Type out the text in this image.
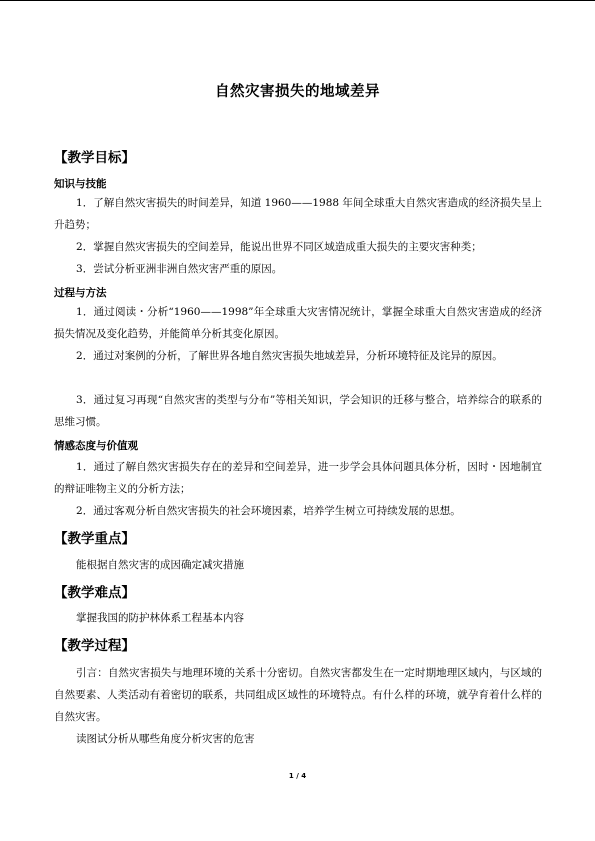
自然灾害损失的地域差异
【教学目标】
知识与技能
1．了解自然灾害损失的时间差异，知道 1960——1988 年间全球重大自然灾害造成的经济损失呈上升趋势；
2．掌握自然灾害损失的空间差异，能说出世界不同区域造成重大损失的主要灾害种类；
3．尝试分析亚洲非洲自然灾害严重的原因。
过程与方法
1．通过阅读・分析“1960——1998”年全球重大灾害情况统计，掌握全球重大自然灾害造成的经济损失情况及变化趋势，并能简单分析其变化原因。
2．通过对案例的分析，了解世界各地自然灾害损失地域差异，分析环境特征及诧异的原因。
3．通过复习再现“自然灾害的类型与分布”等相关知识，学会知识的迁移与整合，培养综合的联系的思维习惯。
情感态度与价值观
1．通过了解自然灾害损失存在的差异和空间差异，进一步学会具体问题具体分析，因时・因地制宜的辩证唯物主义的分析方法；
2．通过客观分析自然灾害损失的社会环境因素，培养学生树立可持续发展的思想。
【教学重点】
能根据自然灾害的成因确定减灾措施
【教学难点】
掌握我国的防护林体系工程基本内容
【教学过程】
引言：自然灾害损失与地理环境的关系十分密切。自然灾害都发生在一定时期地理区域内，与区域的自然要素、人类活动有着密切的联系，共同组成区域性的环境特点。有什么样的环境，就孕育着什么样的自然灾害。
读图试分析从哪些角度分析灾害的危害
1 / 4
